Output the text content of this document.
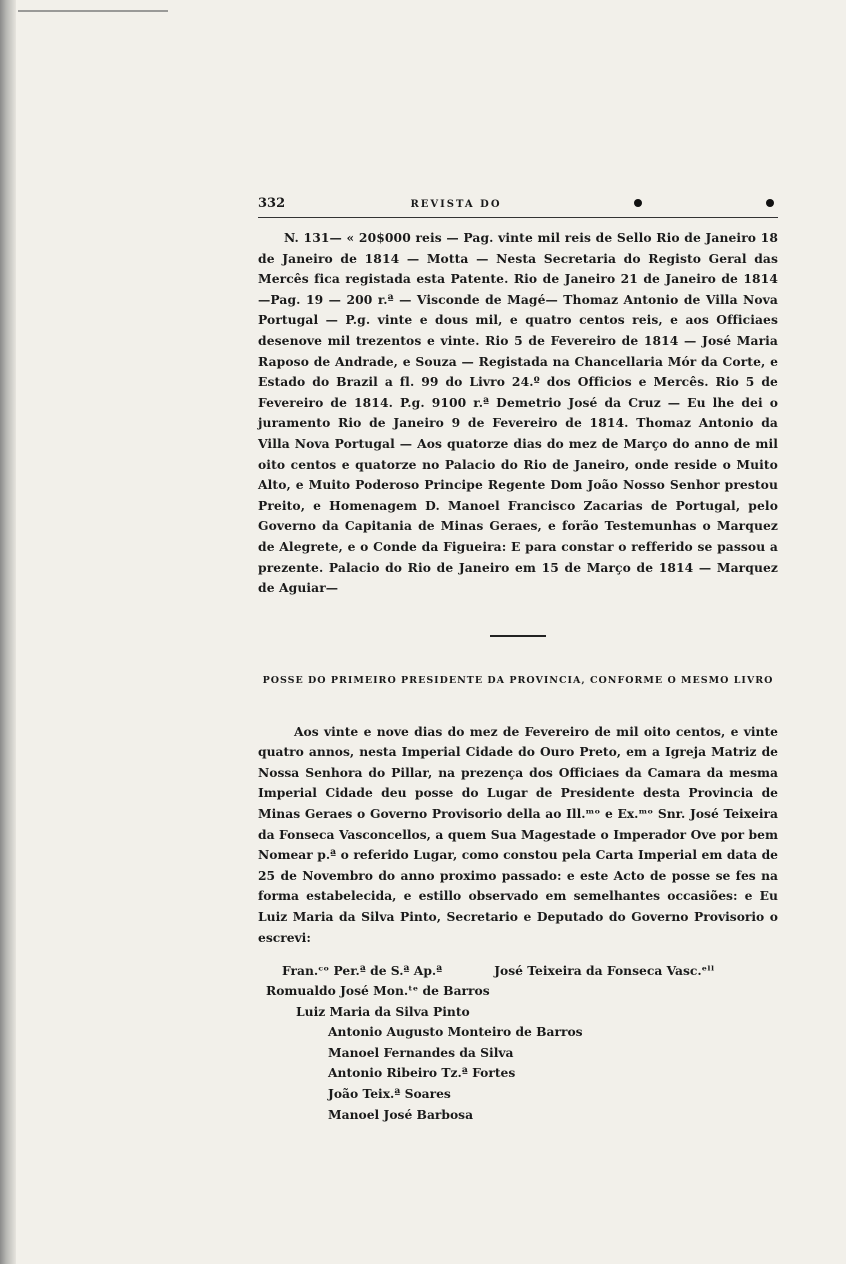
332	REVISTA DO

N. 131— « 20$000 reis — Pag. vinte mil reis de Sello Rio de Janeiro 18 de Janeiro de 1814 — Motta — Nesta Secretaria do Registo Geral das Mercês fica registada esta Patente. Rio de Janeiro 21 de Janeiro de 1814 —Pag. 19 — 200 r.ª — Visconde de Magé— Thomaz Antonio de Villa Nova Portugal — P.g. vinte e dous mil, e quatro centos reis, e aos Officiaes desenove mil trezentos e vinte. Rio 5 de Fevereiro de 1814 — José Maria Raposo de Andrade, e Souza — Registada na Chancellaria Mór da Corte, e Estado do Brazil a fl. 99 do Livro 24.º dos Officios e Mercês. Rio 5 de Fevereiro de 1814. P.g. 9100 r.ª Demetrio José da Cruz — Eu lhe dei o juramento Rio de Janeiro 9 de Fevereiro de 1814. Thomaz Antonio da Villa Nova Portugal — Aos quatorze dias do mez de Março do anno de mil oito centos e quatorze no Palacio do Rio de Janeiro, onde reside o Muito Alto, e Muito Poderoso Principe Regente Dom João Nosso Senhor prestou Preito, e Homenagem D. Manoel Francisco Zacarias de Portugal, pelo Governo da Capitania de Minas Geraes, e forão Testemunhas o Marquez de Alegrete, e o Conde da Figueira: E para constar o refferido se passou a prezente. Palacio do Rio de Janeiro em 15 de Março de 1814 — Marquez de Aguiar—

POSSE DO PRIMEIRO PRESIDENTE DA PROVINCIA, CONFORME O MESMO LIVRO

Aos vinte e nove dias do mez de Fevereiro de mil oito centos, e vinte quatro annos, nesta Imperial Cidade do Ouro Preto, em a Igreja Matriz de Nossa Senhora do Pillar, na prezença dos Officiaes da Camara da mesma Imperial Cidade deu posse do Lugar de Presidente desta Provincia de Minas Geraes o Governo Provisorio della ao Ill.ᵐᵒ e Ex.ᵐᵒ Snr. José Teixeira da Fonseca Vasconcellos, a quem Sua Magestade o Imperador Ove por bem Nomear p.ª o referido Lugar, como constou pela Carta Imperial em data de 25 de Novembro do anno proximo passado: e este Acto de posse se fes na forma estabelecida, e estillo observado em semelhantes occasiões: e Eu Luiz Maria da Silva Pinto, Secretario e Deputado do Governo Provisorio o escrevi:

Fran.ᶜᵒ Per.ª de S.ª Ap.ª	José Teixeira da Fonseca Vasc.ᵉˡˡ
Romualdo José Mon.ᵗᵉ de Barros
Luiz Maria da Silva Pinto
Antonio Augusto Monteiro de Barros
Manoel Fernandes da Silva
Antonio Ribeiro Tz.ª Fortes
João Teix.ª Soares
Manoel José Barbosa
